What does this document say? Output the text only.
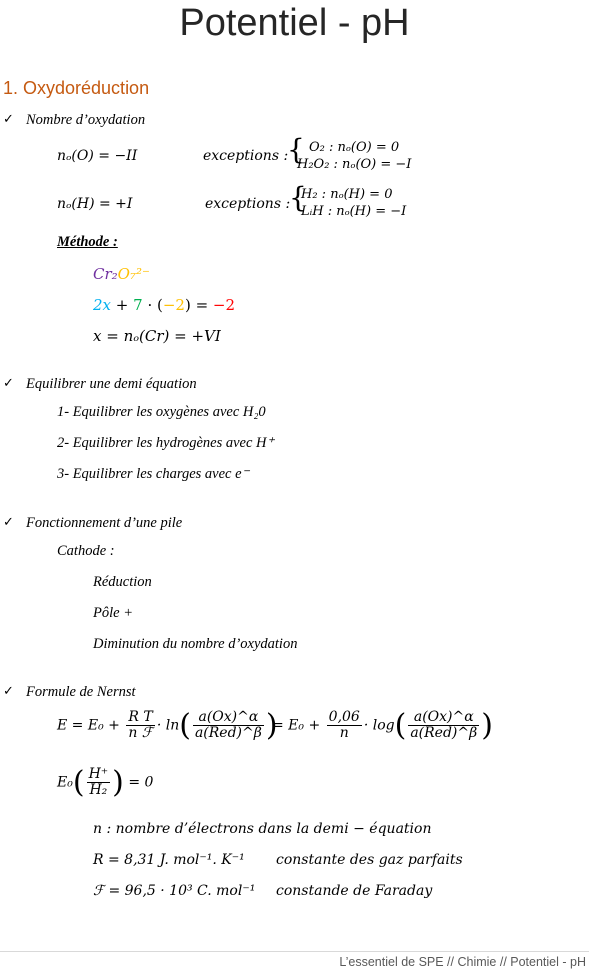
Potentiel - pH
1. Oxydoréduction
✓ Nombre d’oxydation
nₒ(O) = −II	exceptions :
{ O₂ : nₒ(O) = 0
H₂O₂ : nₒ(O) = −I
nₒ(H) = +I	exceptions :
{
H₂ : nₒ(H) = 0
LᵢH : nₒ(H) = −I
Méthode :
Cr₂O₇²⁻
2x + 7 · (−2) = −2
x = nₒ(Cr) = +VI
✓ Equilibrer une demi équation
1- Equilibrer les oxygènes avec H₂0
2- Equilibrer les hydrogènes avec H⁺
3- Equilibrer les charges avec e⁻
✓ Fonctionnement d’une pile
Cathode :
Réduction
Pôle +
Diminution du nombre d’oxydation
✓ Formule de Nernst
$E = E_0 + \frac{\text{R T}}{\text{n ℱ}} \cdot \ln( \frac{a(Ox)\^{}\alpha}{\text{a(Red)\textasciicircum{}β}}$ )
= $E_0 + \frac{0,06}{n} \cdot \log( \frac{a(Ox)\^{}\alpha}{\text{a(Red)\textasciicircum{}β}}$ )
$E_0( \frac{H^+}{\text{H₂}}$ ) = 0
n : nombre d’électrons dans la demi − équation
R = 8,31 J. mol⁻¹. K⁻¹ constante des gaz parfaits
ℱ = 96,5 · 10³ C. mol⁻¹ constande de Faraday
L’essentiel de SPE // Chimie // Potentiel - pH
